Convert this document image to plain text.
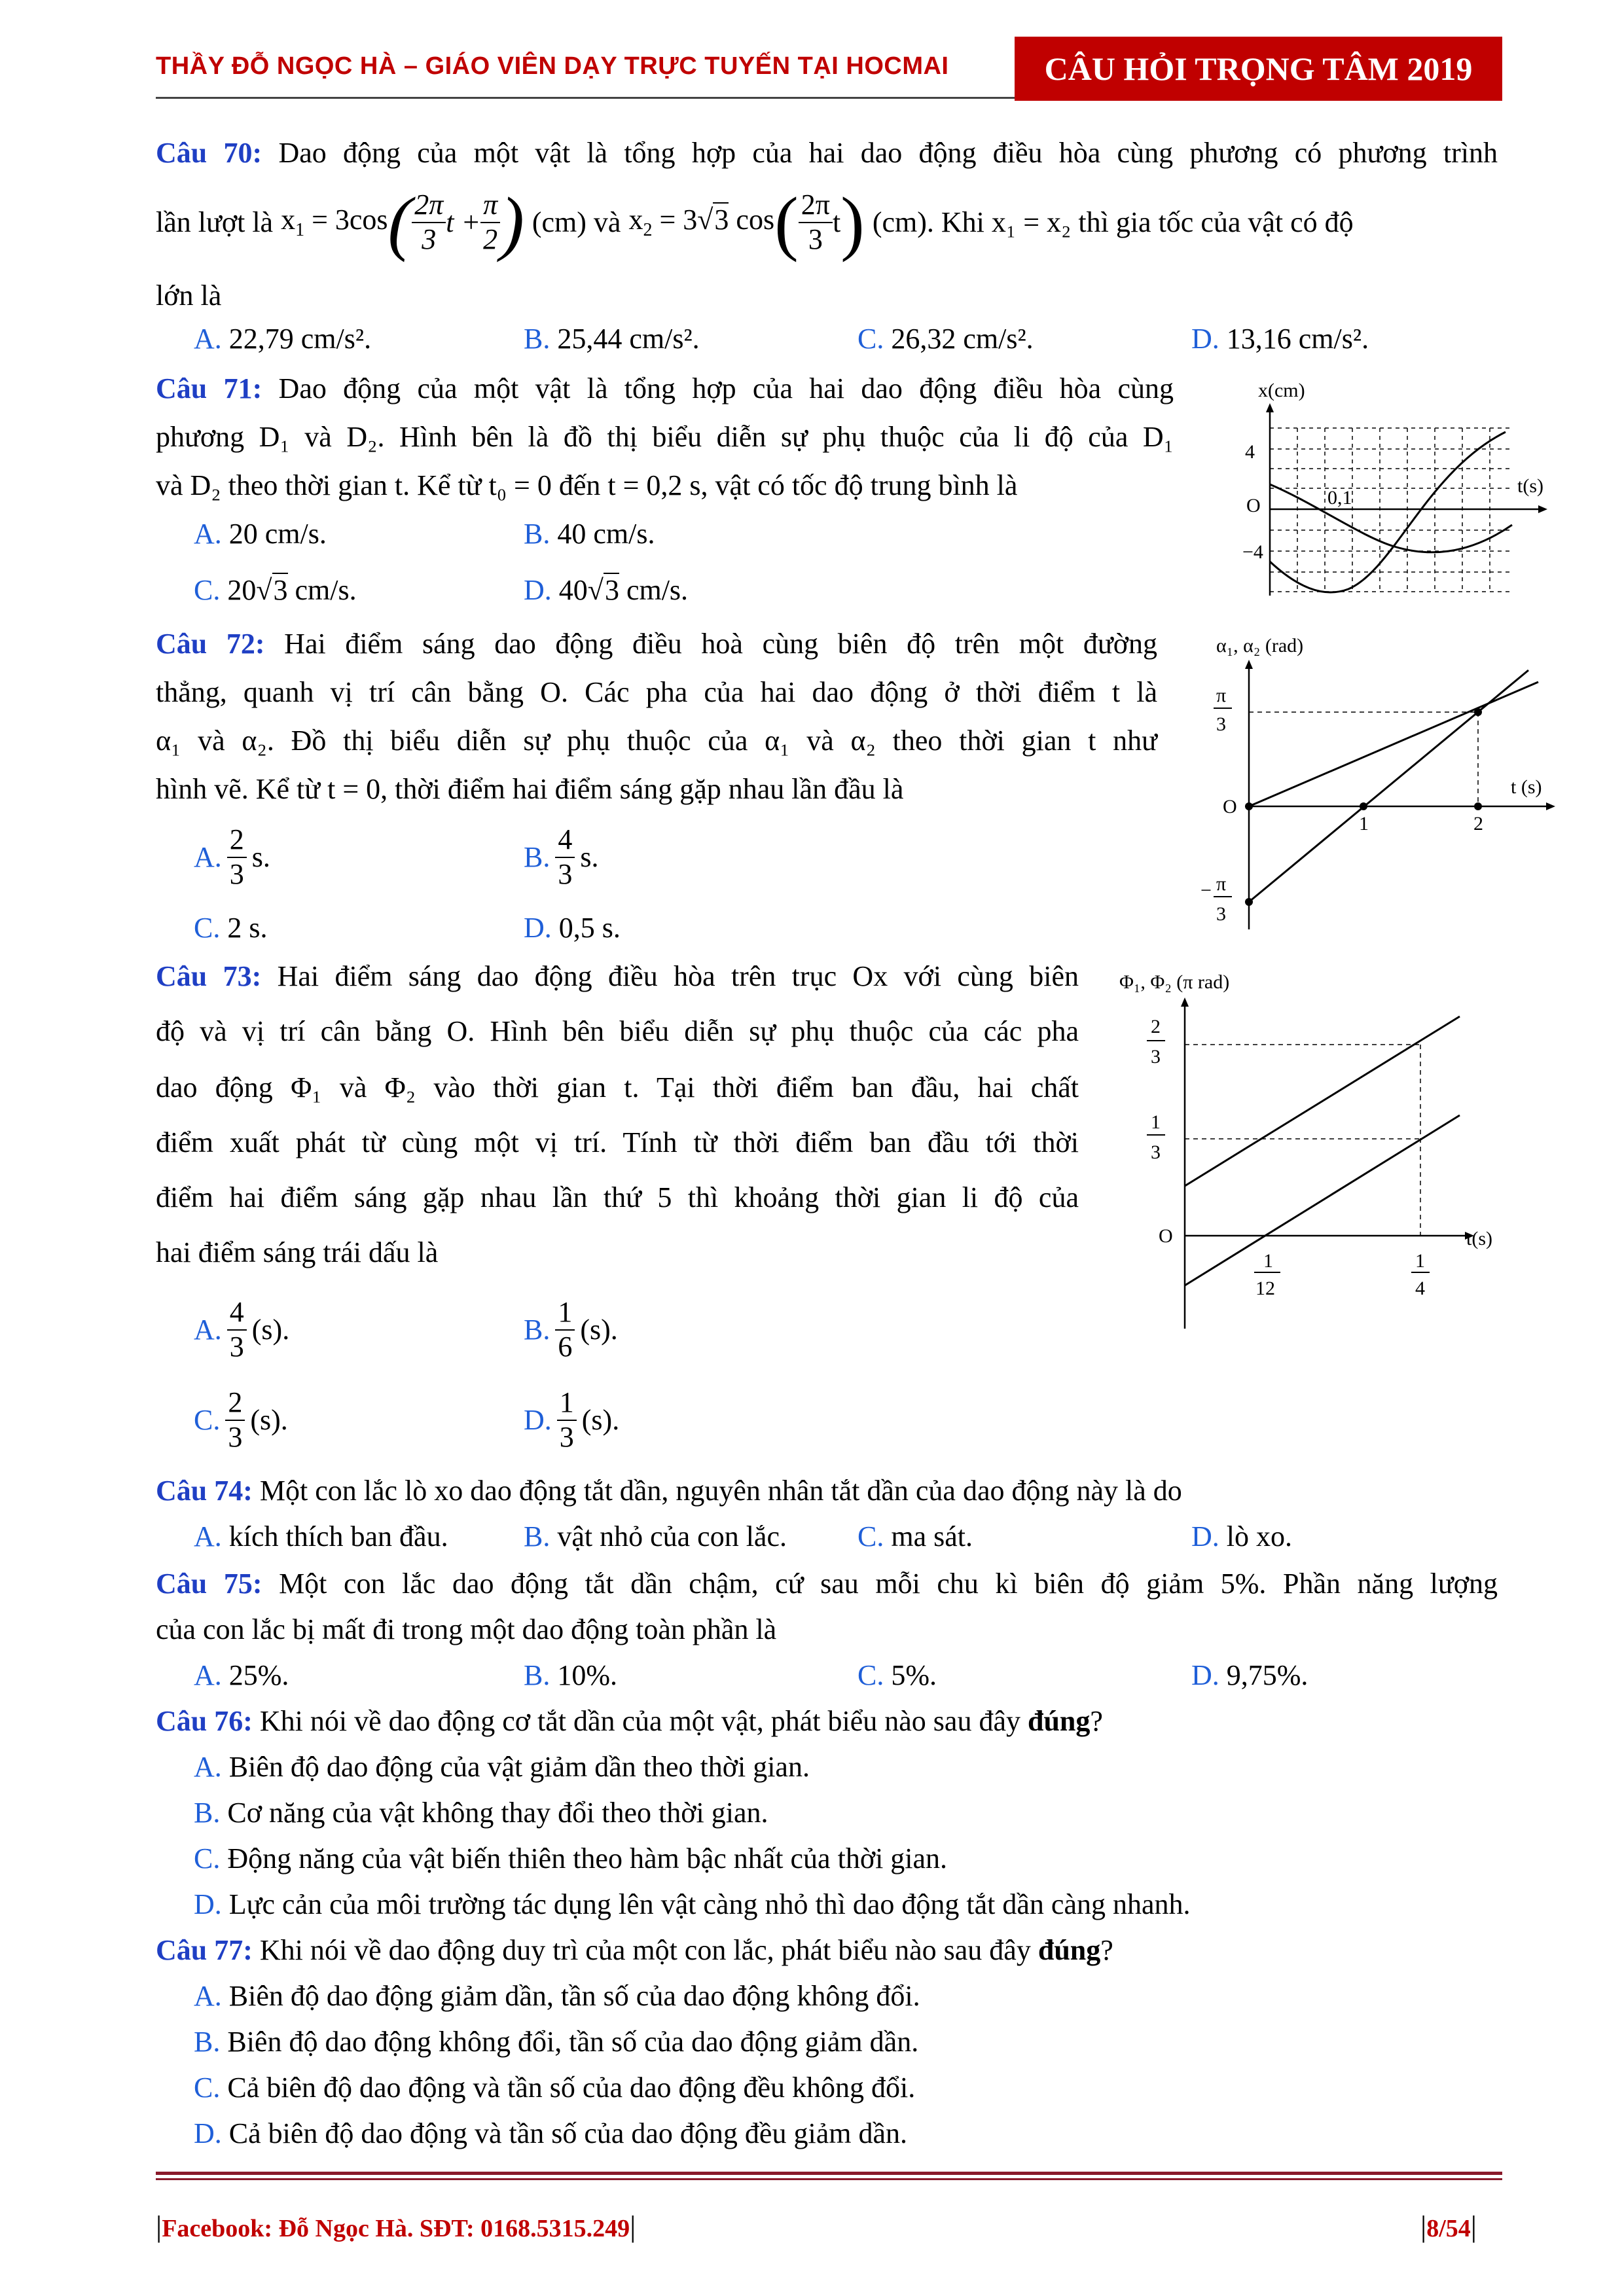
THẦY ĐỖ NGỌC HÀ – GIÁO VIÊN DẠY TRỰC TUYẾN TẠI HOCMAI	CÂU HỎI TRỌNG TÂM 2019
Câu 70: Dao động của một vật là tổng hợp của hai dao động điều hòa cùng phương có phương trình
lần lượt là $x_1 = 3\cos$ ( $\frac{2\pi}{3}$ $t + \frac{\pi}{2}$ ) (cm) và $x_2 = 3√3$ cos ( $\frac{2\pi}{3}$ t ) (cm). Khi x₁ = x₂ thì gia tốc của vật có độ
lớn là
A. 22,79 cm/s².	B. 25,44 cm/s².	C. 26,32 cm/s².	D. 13,16 cm/s².
Câu 71: Dao động của một vật là tổng hợp của hai dao động điều hòa cùng
phương D₁ và D₂. Hình bên là đồ thị biểu diễn sự phụ thuộc của li độ của D₁
và D₂ theo thời gian t. Kể từ t₀ = 0 đến t = 0,2 s, vật có tốc độ trung bình là
A. 20 cm/s.	B. 40 cm/s.
C. 20√3 cm/s.	D. 40√3 cm/s.
x(cm)
4
−4
O	0,1
t(s)
Câu 72: Hai điểm sáng dao động điều hoà cùng biên độ trên một đường
thẳng, quanh vị trí cân bằng O. Các pha của hai dao động ở thời điểm t là
α₁ và α₂. Đồ thị biểu diễn sự phụ thuộc của α₁ và α₂ theo thời gian t như
hình vẽ. Kể từ t = 0, thời điểm hai điểm sáng gặp nhau lần đầu là
A. $\frac{2}{3} s$.	B. $\frac{4}{3} s$.
C. 2 s.	D. 0,5 s.
α₁, α₂ (rad)
π
3
O
− π
3
1	2
t (s)
Câu 73: Hai điểm sáng dao động điều hòa trên trục Ox với cùng biên
độ và vị trí cân bằng O. Hình bên biểu diễn sự phụ thuộc của các pha
dao động Φ₁ và Φ₂ vào thời gian t. Tại thời điểm ban đầu, hai chất
điểm xuất phát từ cùng một vị trí. Tính từ thời điểm ban đầu tới thời
điểm hai điểm sáng gặp nhau lần thứ 5 thì khoảng thời gian li độ của
hai điểm sáng trái dấu là
A. $\frac{4}{3} (s)$.	B. $\frac{1}{6} (s)$.
C. $\frac{2}{3} (s)$.	D. $\frac{1}{3} (s)$.
Φ₁, Φ₂ (π rad)
2
3
1
3
O
1
12
1
4
t(s)
Câu 74: Một con lắc lò xo dao động tắt dần, nguyên nhân tắt dần của dao động này là do
A. kích thích ban đầu.	B. vật nhỏ của con lắc. C. ma sát.	D. lò xo.
Câu 75: Một con lắc dao động tắt dần chậm, cứ sau mỗi chu kì biên độ giảm 5%. Phần năng lượng
của con lắc bị mất đi trong một dao động toàn phần là
A. 25%.	B. 10%.	C. 5%.	D. 9,75%.
Câu 76: Khi nói về dao động cơ tắt dần của một vật, phát biểu nào sau đây đúng?
A. Biên độ dao động của vật giảm dần theo thời gian.
B. Cơ năng của vật không thay đổi theo thời gian.
C. Động năng của vật biến thiên theo hàm bậc nhất của thời gian.
D. Lực cản của môi trường tác dụng lên vật càng nhỏ thì dao động tắt dần càng nhanh.
Câu 77: Khi nói về dao động duy trì của một con lắc, phát biểu nào sau đây đúng?
A. Biên độ dao động giảm dần, tần số của dao động không đổi.
B. Biên độ dao động không đổi, tần số của dao động giảm dần.
C. Cả biên độ dao động và tần số của dao động đều không đổi.
D. Cả biên độ dao động và tần số của dao động đều giảm dần.
|Facebook: Đỗ Ngọc Hà. SĐT: 0168.5315.249|	|8/54|
